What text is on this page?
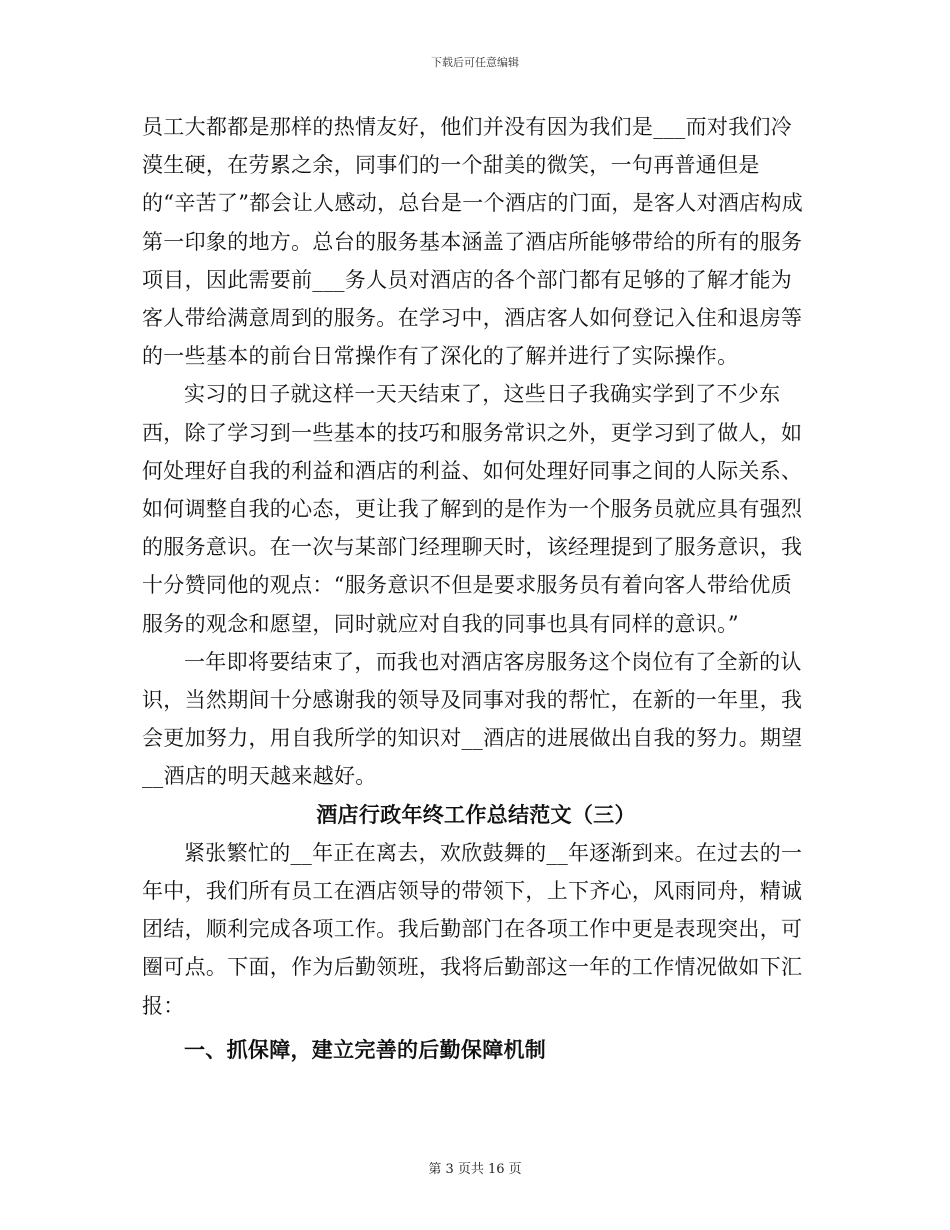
下载后可任意编辑

员工大都都是那样的热情友好，他们并没有因为我们是___而对我们冷漠生硬，在劳累之余，同事们的一个甜美的微笑，一句再普通但是的“辛苦了”都会让人感动，总台是一个酒店的门面，是客人对酒店构成第一印象的地方。总台的服务基本涵盖了酒店所能够带给的所有的服务项目，因此需要前___务人员对酒店的各个部门都有足够的了解才能为客人带给满意周到的服务。在学习中，酒店客人如何登记入住和退房等的一些基本的前台日常操作有了深化的了解并进行了实际操作。

实习的日子就这样一天天结束了，这些日子我确实学到了不少东西，除了学习到一些基本的技巧和服务常识之外，更学习到了做人，如何处理好自我的利益和酒店的利益、如何处理好同事之间的人际关系、如何调整自我的心态，更让我了解到的是作为一个服务员就应具有强烈的服务意识。在一次与某部门经理聊天时，该经理提到了服务意识，我十分赞同他的观点：“服务意识不但是要求服务员有着向客人带给优质服务的观念和愿望，同时就应对自我的同事也具有同样的意识。”

一年即将要结束了，而我也对酒店客房服务这个岗位有了全新的认识，当然期间十分感谢我的领导及同事对我的帮忙，在新的一年里，我会更加努力，用自我所学的知识对__酒店的进展做出自我的努力。期望__酒店的明天越来越好。

酒店行政年终工作总结范文（三）

紧张繁忙的__年正在离去，欢欣鼓舞的__年逐渐到来。在过去的一年中，我们所有员工在酒店领导的带领下，上下齐心，风雨同舟，精诚团结，顺利完成各项工作。我后勤部门在各项工作中更是表现突出，可圈可点。下面，作为后勤领班，我将后勤部这一年的工作情况做如下汇报：

一、抓保障，建立完善的后勤保障机制

第 3 页共 16 页
